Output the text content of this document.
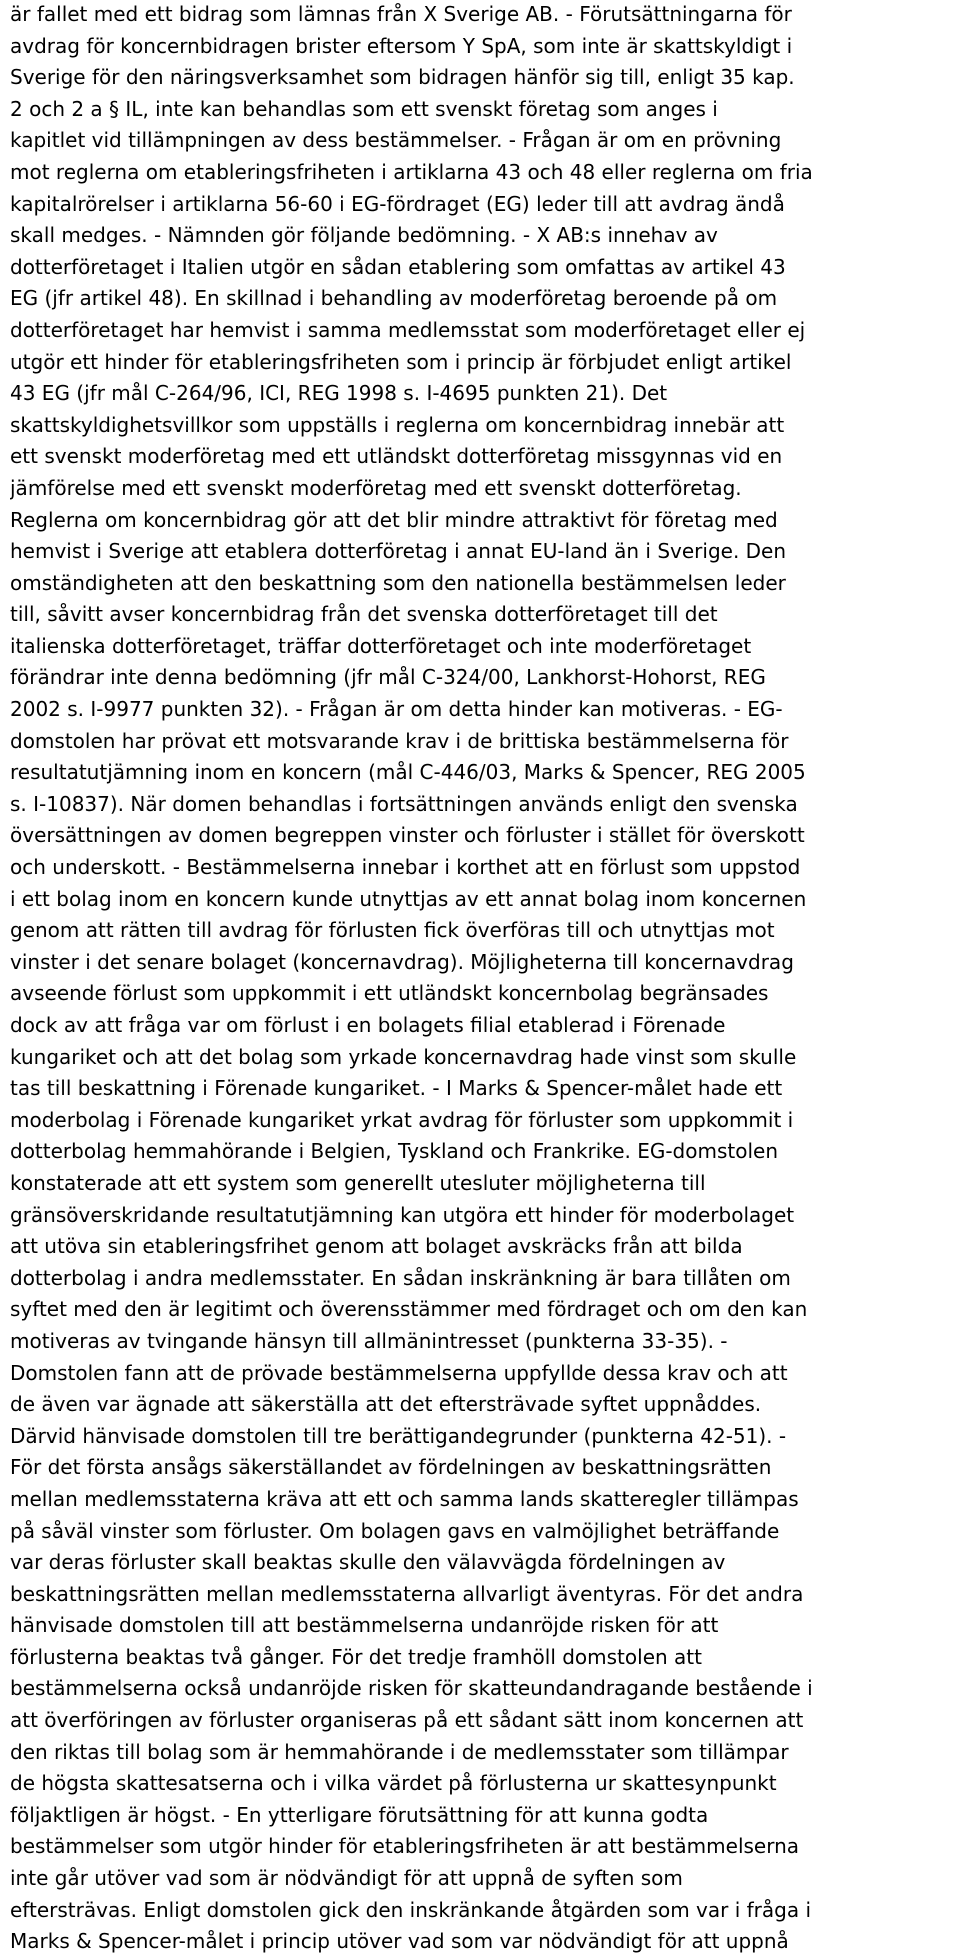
är fallet med ett bidrag som lämnas från X Sverige AB. - Förutsättningarna för
avdrag för koncernbidragen brister eftersom Y SpA, som inte är skattskyldigt i
Sverige för den näringsverksamhet som bidragen hänför sig till, enligt 35 kap.
2 och 2 a § IL, inte kan behandlas som ett svenskt företag som anges i
kapitlet vid tillämpningen av dess bestämmelser. - Frågan är om en prövning
mot reglerna om etableringsfriheten i artiklarna 43 och 48 eller reglerna om fria
kapitalrörelser i artiklarna 56-60 i EG-fördraget (EG) leder till att avdrag ändå
skall medges. - Nämnden gör följande bedömning. - X AB:s innehav av
dotterföretaget i Italien utgör en sådan etablering som omfattas av artikel 43
EG (jfr artikel 48). En skillnad i behandling av moderföretag beroende på om
dotterföretaget har hemvist i samma medlemsstat som moderföretaget eller ej
utgör ett hinder för etableringsfriheten som i princip är förbjudet enligt artikel
43 EG (jfr mål C-264/96, ICI, REG 1998 s. I-4695 punkten 21). Det
skattskyldighetsvillkor som uppställs i reglerna om koncernbidrag innebär att
ett svenskt moderföretag med ett utländskt dotterföretag missgynnas vid en
jämförelse med ett svenskt moderföretag med ett svenskt dotterföretag.
Reglerna om koncernbidrag gör att det blir mindre attraktivt för företag med
hemvist i Sverige att etablera dotterföretag i annat EU-land än i Sverige. Den
omständigheten att den beskattning som den nationella bestämmelsen leder
till, såvitt avser koncernbidrag från det svenska dotterföretaget till det
italienska dotterföretaget, träffar dotterföretaget och inte moderföretaget
förändrar inte denna bedömning (jfr mål C-324/00, Lankhorst-Hohorst, REG
2002 s. I-9977 punkten 32). - Frågan är om detta hinder kan motiveras. - EG-
domstolen har prövat ett motsvarande krav i de brittiska bestämmelserna för
resultatutjämning inom en koncern (mål C-446/03, Marks & Spencer, REG 2005
s. I-10837). När domen behandlas i fortsättningen används enligt den svenska
översättningen av domen begreppen vinster och förluster i stället för överskott
och underskott. - Bestämmelserna innebar i korthet att en förlust som uppstod
i ett bolag inom en koncern kunde utnyttjas av ett annat bolag inom koncernen
genom att rätten till avdrag för förlusten fick överföras till och utnyttjas mot
vinster i det senare bolaget (koncernavdrag). Möjligheterna till koncernavdrag
avseende förlust som uppkommit i ett utländskt koncernbolag begränsades
dock av att fråga var om förlust i en bolagets filial etablerad i Förenade
kungariket och att det bolag som yrkade koncernavdrag hade vinst som skulle
tas till beskattning i Förenade kungariket. - I Marks & Spencer-målet hade ett
moderbolag i Förenade kungariket yrkat avdrag för förluster som uppkommit i
dotterbolag hemmahörande i Belgien, Tyskland och Frankrike. EG-domstolen
konstaterade att ett system som generellt utesluter möjligheterna till
gränsöverskridande resultatutjämning kan utgöra ett hinder för moderbolaget
att utöva sin etableringsfrihet genom att bolaget avskräcks från att bilda
dotterbolag i andra medlemsstater. En sådan inskränkning är bara tillåten om
syftet med den är legitimt och överensstämmer med fördraget och om den kan
motiveras av tvingande hänsyn till allmänintresset (punkterna 33-35). -
Domstolen fann att de prövade bestämmelserna uppfyllde dessa krav och att
de även var ägnade att säkerställa att det eftersträvade syftet uppnåddes.
Därvid hänvisade domstolen till tre berättigandegrunder (punkterna 42-51). -
För det första ansågs säkerställandet av fördelningen av beskattningsrätten
mellan medlemsstaterna kräva att ett och samma lands skatteregler tillämpas
på såväl vinster som förluster. Om bolagen gavs en valmöjlighet beträffande
var deras förluster skall beaktas skulle den välavvägda fördelningen av
beskattningsrätten mellan medlemsstaterna allvarligt äventyras. För det andra
hänvisade domstolen till att bestämmelserna undanröjde risken för att
förlusterna beaktas två gånger. För det tredje framhöll domstolen att
bestämmelserna också undanröjde risken för skatteundandragande bestående i
att överföringen av förluster organiseras på ett sådant sätt inom koncernen att
den riktas till bolag som är hemmahörande i de medlemsstater som tillämpar
de högsta skattesatserna och i vilka värdet på förlusterna ur skattesynpunkt
följaktligen är högst. - En ytterligare förutsättning för att kunna godta
bestämmelser som utgör hinder för etableringsfriheten är att bestämmelserna
inte går utöver vad som är nödvändigt för att uppnå de syften som
eftersträvas. Enligt domstolen gick den inskränkande åtgärden som var i fråga i
Marks & Spencer-målet i princip utöver vad som var nödvändigt för att uppnå
